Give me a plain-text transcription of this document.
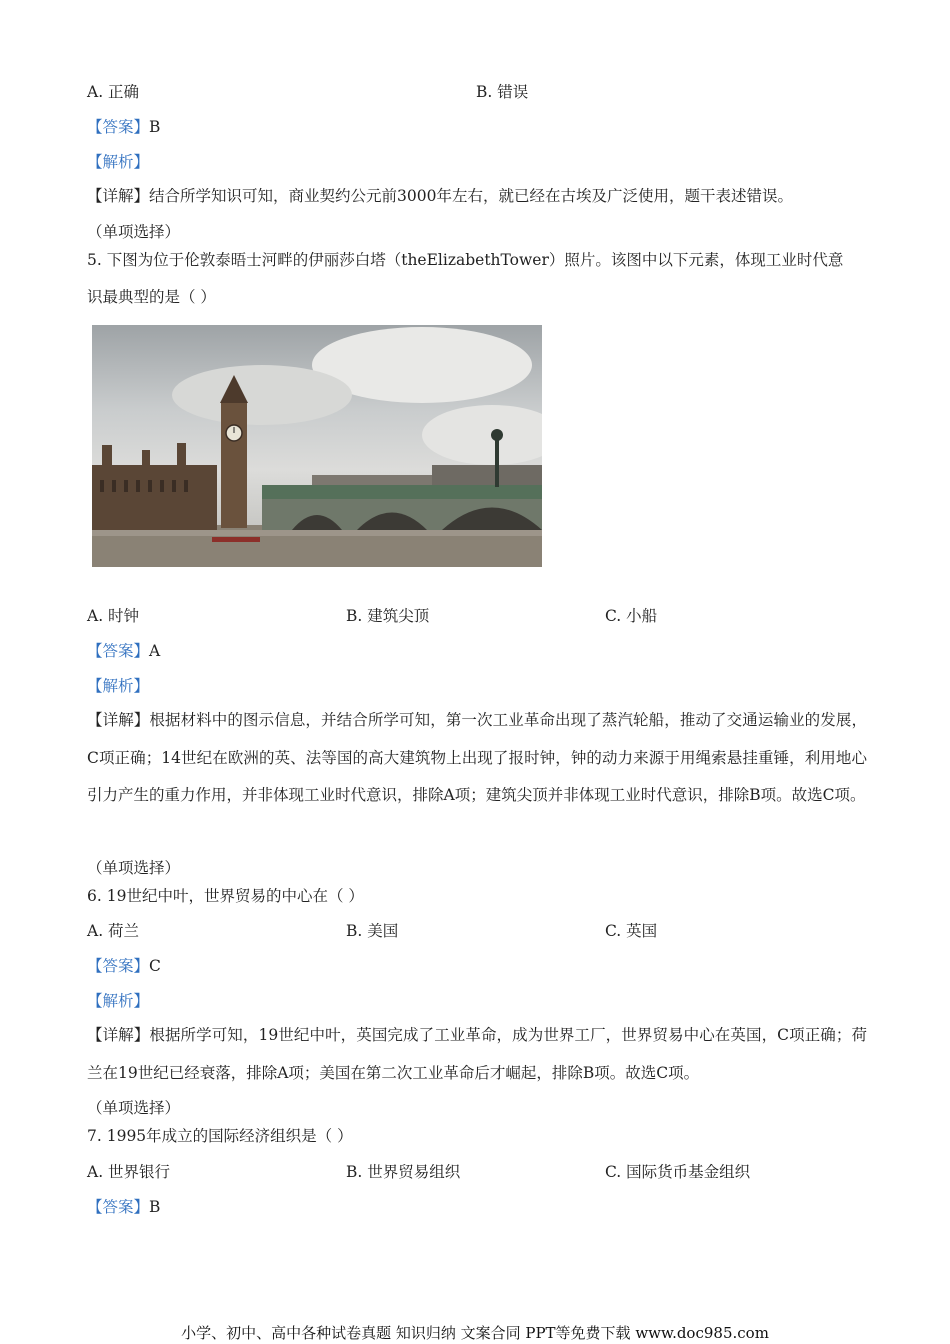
A. 正确	B. 错误
【答案】B
【解析】
【详解】结合所学知识可知，商业契约公元前3000年左右，就已经在古埃及广泛使用，题干表述错误。
（单项选择）
5. 下图为位于伦敦泰晤士河畔的伊丽莎白塔（theElizabethTower）照片。该图中以下元素，体现工业时代意
识最典型的是（ ）
A. 时钟	B. 建筑尖顶	C. 小船
【答案】A
【解析】
【详解】根据材料中的图示信息，并结合所学可知，第一次工业革命出现了蒸汽轮船，推动了交通运输业的发展，C项正确；14世纪在欧洲的英、法等国的高大建筑物上出现了报时钟，钟的动力来源于用绳索悬挂重锤，利用地心引力产生的重力作用，并非体现工业时代意识，排除A项；建筑尖顶并非体现工业时代意识，排除B项。故选C项。
（单项选择）
6. 19世纪中叶，世界贸易的中心在（ ）
A. 荷兰	B. 美国	C. 英国
【答案】C
【解析】
【详解】根据所学可知，19世纪中叶，英国完成了工业革命，成为世界工厂，世界贸易中心在英国，C项正确；荷兰在19世纪已经衰落，排除A项；美国在第二次工业革命后才崛起，排除B项。故选C项。
（单项选择）
7. 1995年成立的国际经济组织是（ ）
A. 世界银行	B. 世界贸易组织	C. 国际货币基金组织
【答案】B
小学、初中、高中各种试卷真题 知识归纳 文案合同 PPT等免费下载 www.doc985.com
